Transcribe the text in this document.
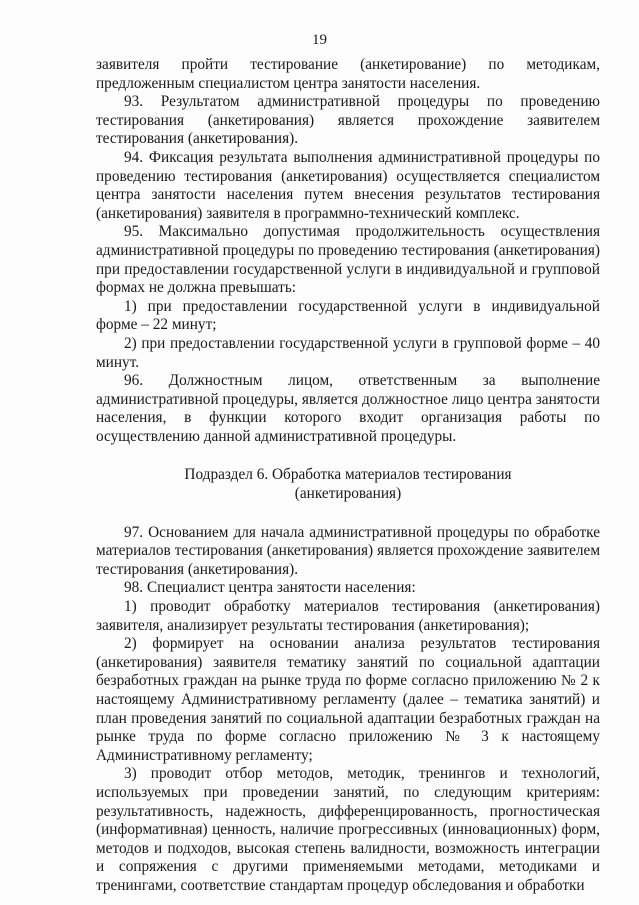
19

заявителя пройти тестирование (анкетирование) по методикам, предложенным специалистом центра занятости населения.

93. Результатом административной процедуры по проведению тестирования (анкетирования) является прохождение заявителем тестирования (анкетирования).

94. Фиксация результата выполнения административной процедуры по проведению тестирования (анкетирования) осуществляется специалистом центра занятости населения путем внесения результатов тестирования (анкетирования) заявителя в программно-технический комплекс.

95. Максимально допустимая продолжительность осуществления административной процедуры по проведению тестирования (анкетирования) при предоставлении государственной услуги в индивидуальной и групповой формах не должна превышать:

1) при предоставлении государственной услуги в индивидуальной форме – 22 минут;

2) при предоставлении государственной услуги в групповой форме – 40 минут.

96. Должностным лицом, ответственным за выполнение административной процедуры, является должностное лицо центра занятости населения, в функции которого входит организация работы по осуществлению данной административной процедуры.

Подраздел 6. Обработка материалов тестирования
(анкетирования)

97. Основанием для начала административной процедуры по обработке материалов тестирования (анкетирования) является прохождение заявителем тестирования (анкетирования).

98. Специалист центра занятости населения:

1) проводит обработку материалов тестирования (анкетирования) заявителя, анализирует результаты тестирования (анкетирования);

2) формирует на основании анализа результатов тестирования (анкетирования) заявителя тематику занятий по социальной адаптации безработных граждан на рынке труда по форме согласно приложению № 2 к настоящему Административному регламенту (далее – тематика занятий) и план проведения занятий по социальной адаптации безработных граждан на рынке труда по форме согласно приложению № 3 к настоящему Административному регламенту;

3) проводит отбор методов, методик, тренингов и технологий, используемых при проведении занятий, по следующим критериям: результативность, надежность, дифференцированность, прогностическая (информативная) ценность, наличие прогрессивных (инновационных) форм, методов и подходов, высокая степень валидности, возможность интеграции и сопряжения с другими применяемыми методами, методиками и тренингами, соответствие стандартам процедур обследования и обработки
